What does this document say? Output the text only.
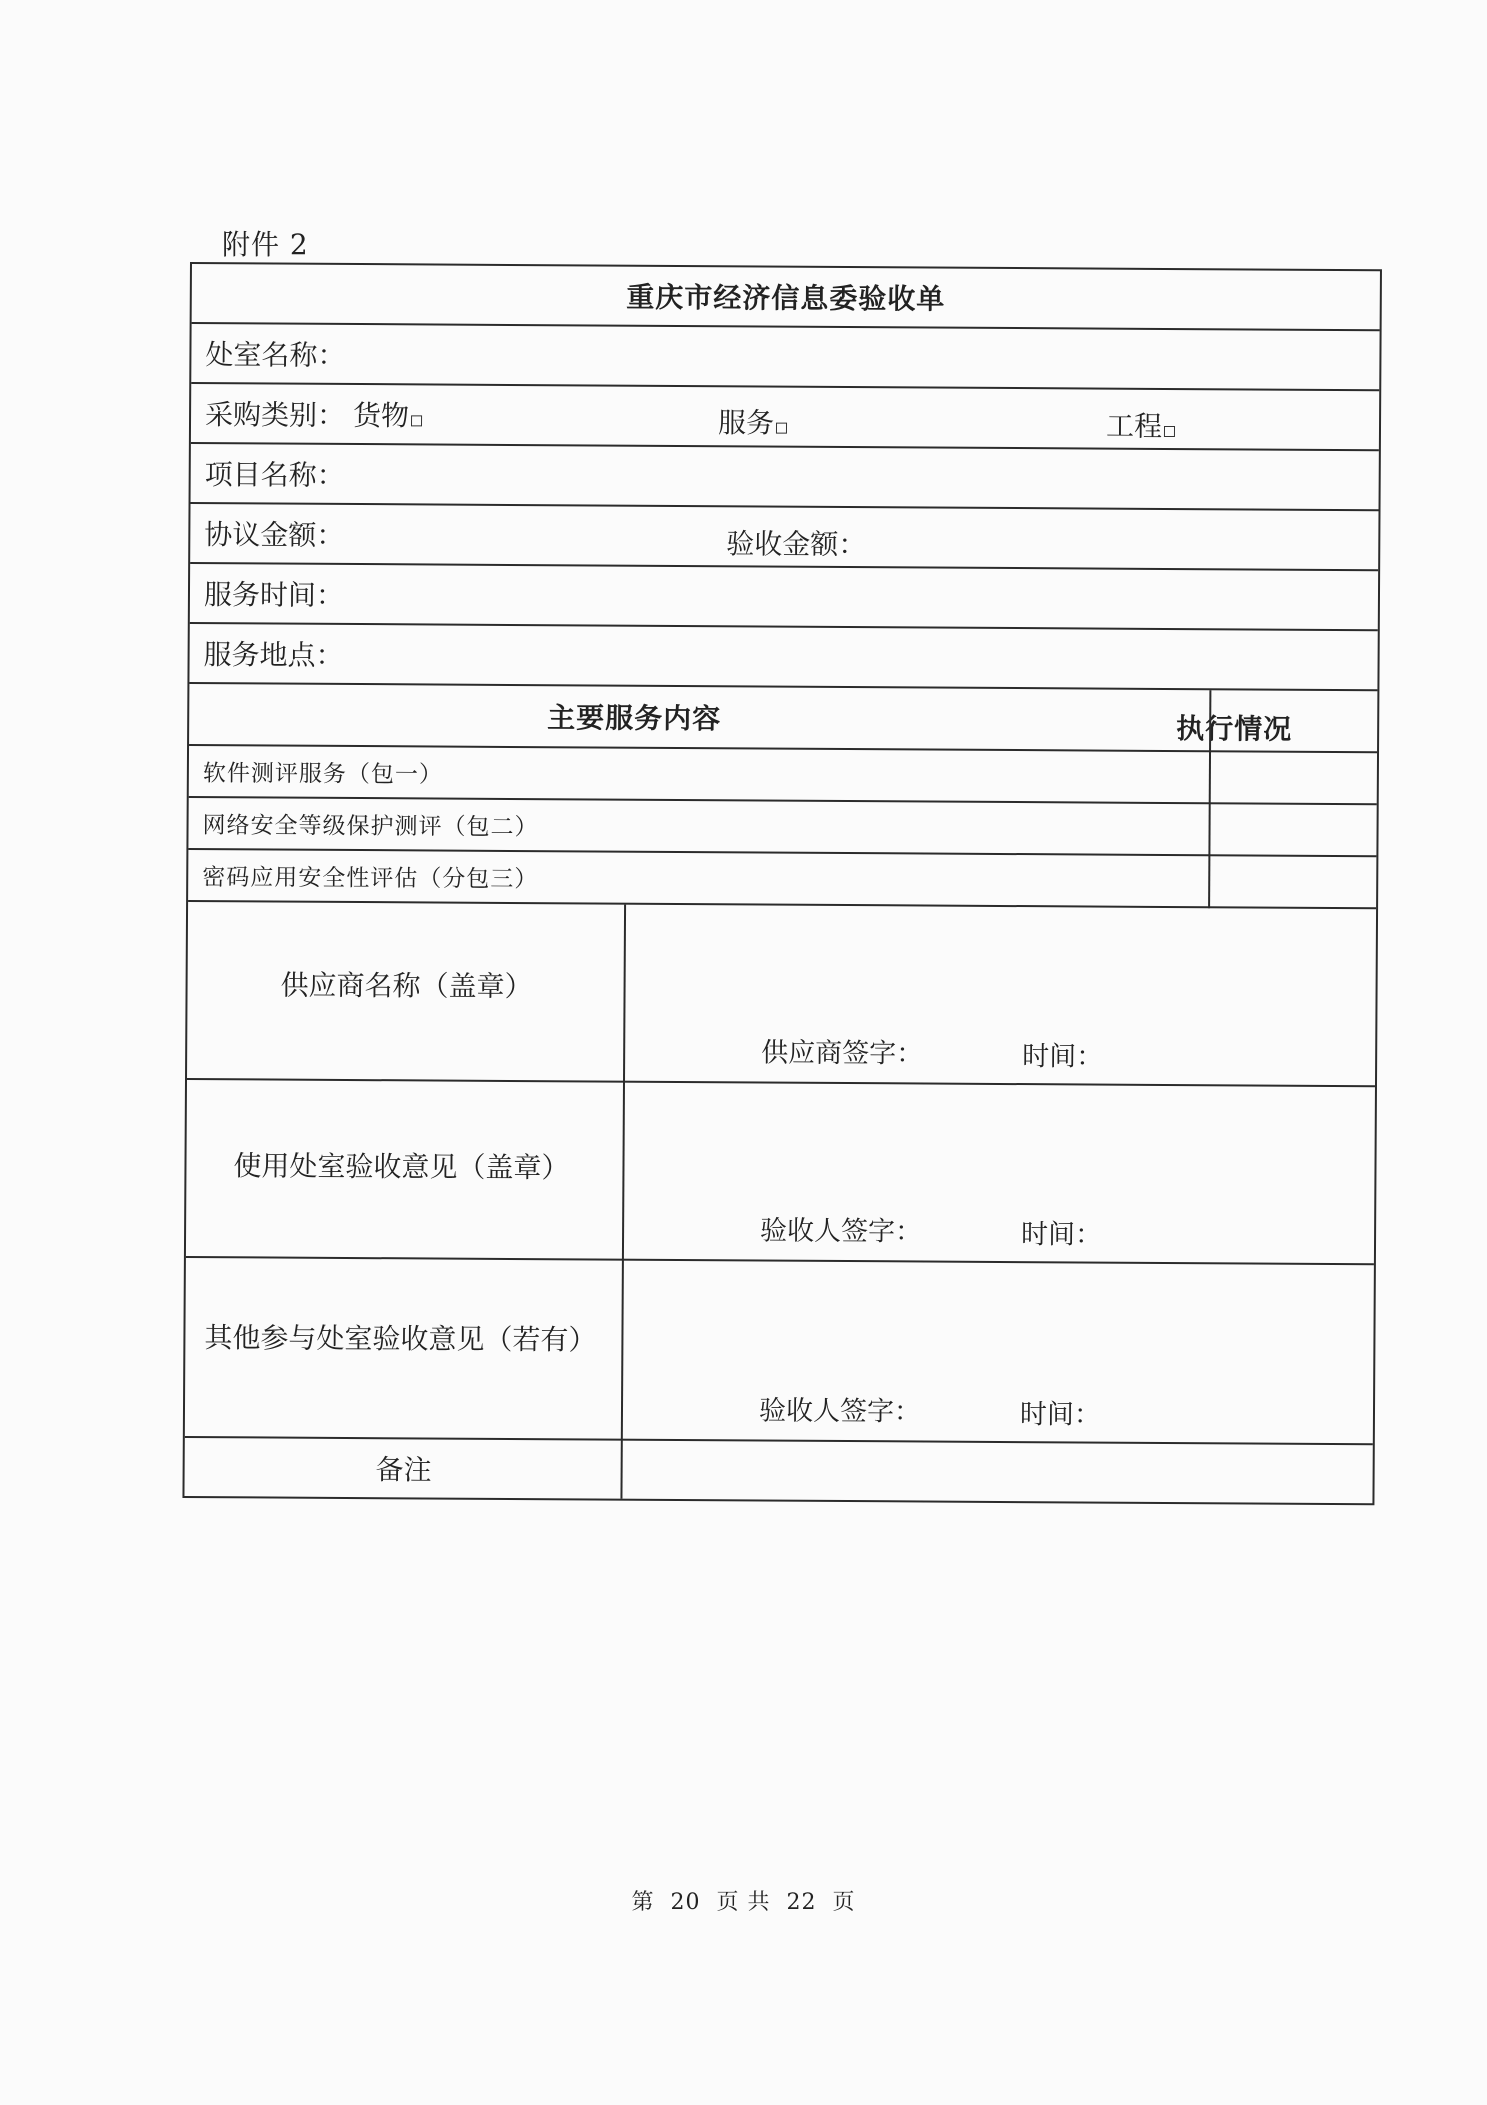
附件 2
重庆市经济信息委验收单
处室名称：
采购类别： 货物	服务	工程
项目名称：
协议金额：	验收金额：
服务时间：
服务地点：
主要服务内容	执行情况
软件测评服务（包一）
网络安全等级保护测评（包二）
密码应用安全性评估（分包三）
供应商名称（盖章）
供应商签字：	时间：
使用处室验收意见（盖章）
验收人签字：	时间：
其他参与处室验收意见（若有）
验收人签字：	时间：
备注
第 20 页 共 22 页
